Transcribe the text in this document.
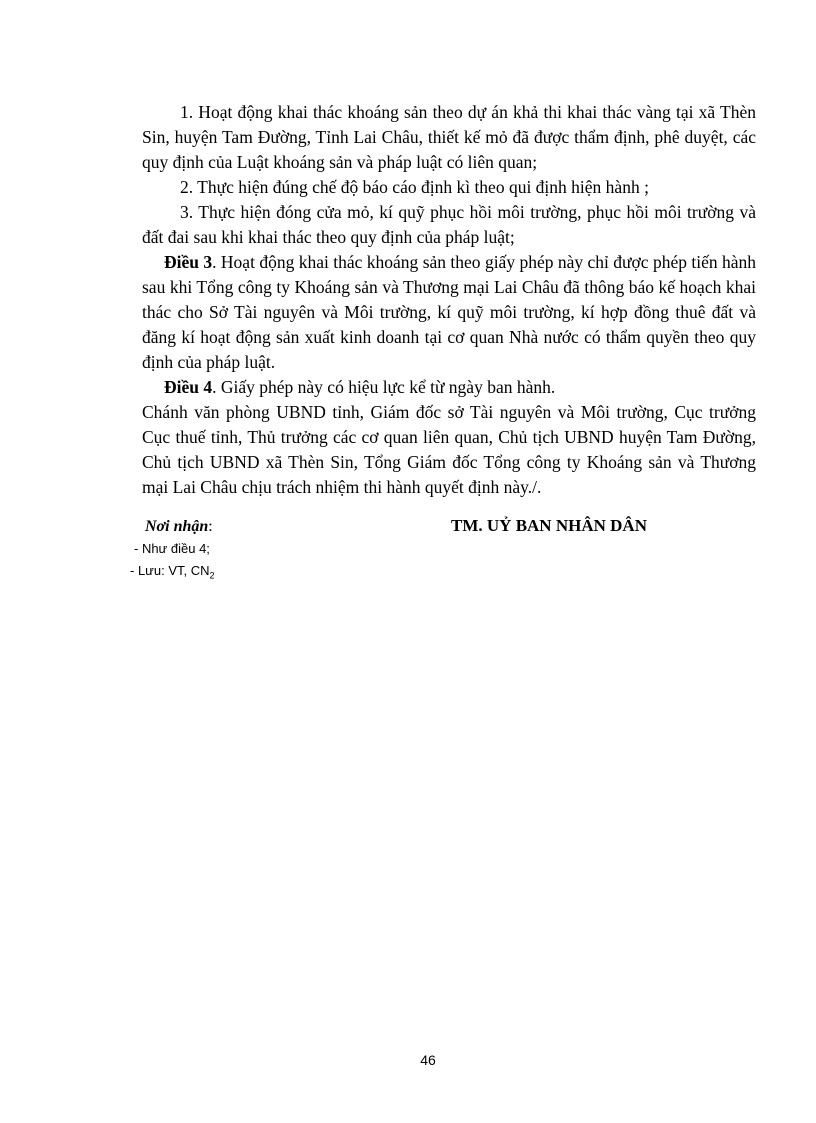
1. Hoạt động khai thác khoáng sản theo dự án khả thi khai thác vàng tại xã Thèn Sin, huyện Tam Đường, Tỉnh Lai Châu, thiết kế mỏ đã được thẩm định, phê duyệt, các quy định của Luật khoáng sản và pháp luật có liên quan;

2. Thực hiện đúng chế độ báo cáo định kì theo qui định hiện hành ;

3. Thực hiện đóng cửa mỏ, kí quỹ phục hồi môi trường, phục hồi môi trường và đất đai sau khi khai thác theo quy định của pháp luật;

Điều 3. Hoạt động khai thác khoáng sản theo giấy phép này chỉ được phép tiến hành sau khi Tổng công ty Khoáng sản và Thương mại Lai Châu đã thông báo kế hoạch khai thác cho Sở Tài nguyên và Môi trường, kí quỹ môi trường, kí hợp đồng thuê đất và đăng kí hoạt động sản xuất kinh doanh tại cơ quan Nhà nước có thẩm quyền theo quy định của pháp luật.

Điều 4. Giấy phép này có hiệu lực kể từ ngày ban hành.

Chánh văn phòng UBND tỉnh, Giám đốc sở Tài nguyên và Môi trường, Cục trưởng Cục thuế tỉnh, Thủ trưởng các cơ quan liên quan, Chủ tịch UBND huyện Tam Đường, Chủ tịch UBND xã Thèn Sin, Tổng Giám đốc Tổng công ty Khoáng sản và Thương mại Lai Châu chịu trách nhiệm thi hành quyết định này./.

Nơi nhận:
- Như điều 4;
- Lưu: VT, $CN_2$
TM. UỶ BAN NHÂN DÂN
46
